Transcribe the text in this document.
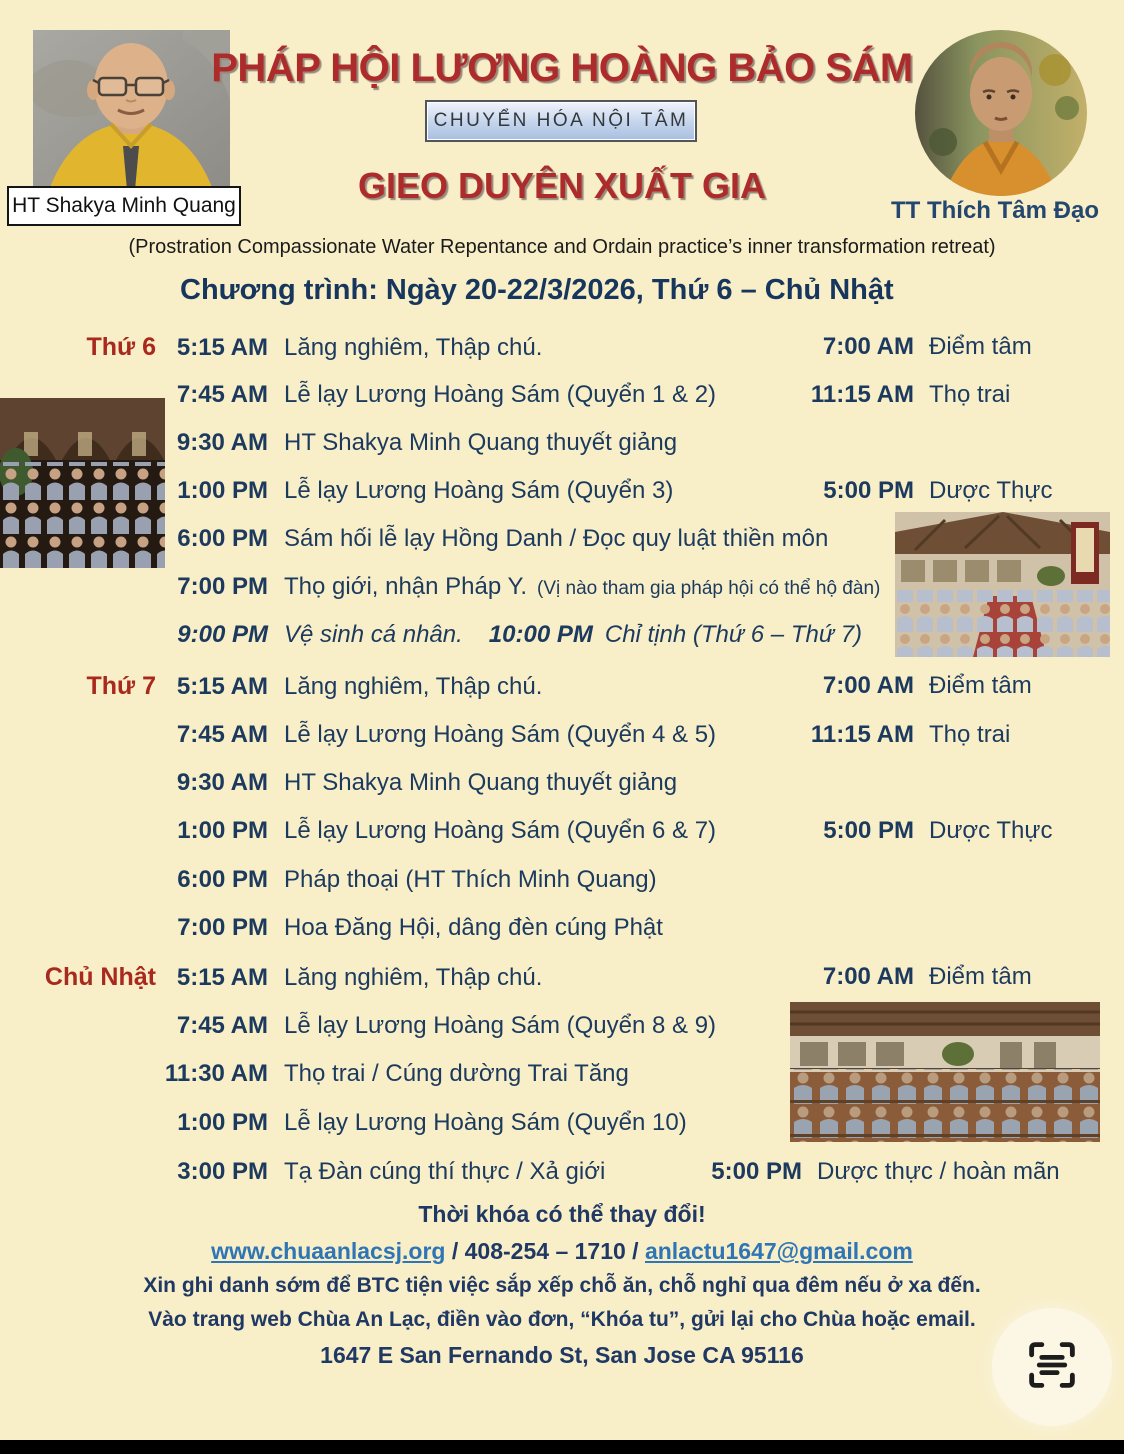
HT Shakya Minh Quang
PHÁP HỘI LƯƠNG HOÀNG BẢO SÁM
CHUYỂN HÓA NỘI TÂM
GIEO DUYÊN XUẤT GIA
TT Thích Tâm Đạo
(Prostration Compassionate Water Repentance and Ordain practice’s inner transformation retreat)
Chương trình: Ngày 20-22/3/2026, Thứ 6 – Chủ Nhật
Thứ 6 5:15 AM Lăng nghiêm, Thập chú.	7:00 AM Điểm tâm
7:45 AM Lễ lạy Lương Hoàng Sám (Quyển 1 & 2)	11:15 AM Thọ trai
9:30 AM HT Shakya Minh Quang thuyết giảng
1:00 PM Lễ lạy Lương Hoàng Sám (Quyển 3)	5:00 PM Dược Thực
6:00 PM Sám hối lễ lạy Hồng Danh / Đọc quy luật thiền môn
7:00 PM Thọ giới, nhận Pháp Y. (Vị nào tham gia pháp hội có thể hộ đàn)
9:00 PM Vệ sinh cá nhân. 10:00 PM Chỉ tịnh (Thứ 6 – Thứ 7)
Thứ 7 5:15 AM Lăng nghiêm, Thập chú.	7:00 AM Điểm tâm
7:45 AM Lễ lạy Lương Hoàng Sám (Quyển 4 & 5)	11:15 AM Thọ trai
9:30 AM HT Shakya Minh Quang thuyết giảng
1:00 PM Lễ lạy Lương Hoàng Sám (Quyển 6 & 7)	5:00 PM Dược Thực
6:00 PM Pháp thoại (HT Thích Minh Quang)
7:00 PM Hoa Đăng Hội, dâng đèn cúng Phật
Chủ Nhật 5:15 AM Lăng nghiêm, Thập chú.	7:00 AM Điểm tâm
7:45 AM Lễ lạy Lương Hoàng Sám (Quyển 8 & 9)
11:30 AM Thọ trai / Cúng dường Trai Tăng
1:00 PM Lễ lạy Lương Hoàng Sám (Quyển 10)
3:00 PM Tạ Đàn cúng thí thực / Xả giới	5:00 PM Dược thực / hoàn mãn
Thời khóa có thể thay đổi!
www.chuaanlacsj.org / 408-254 – 1710 / anlactu1647@gmail.com
Xin ghi danh sớm để BTC tiện việc sắp xếp chỗ ăn, chỗ nghỉ qua đêm nếu ở xa đến.
Vào trang web Chùa An Lạc, điền vào đơn, “Khóa tu”, gửi lại cho Chùa hoặc email.
1647 E San Fernando St, San Jose CA 95116
